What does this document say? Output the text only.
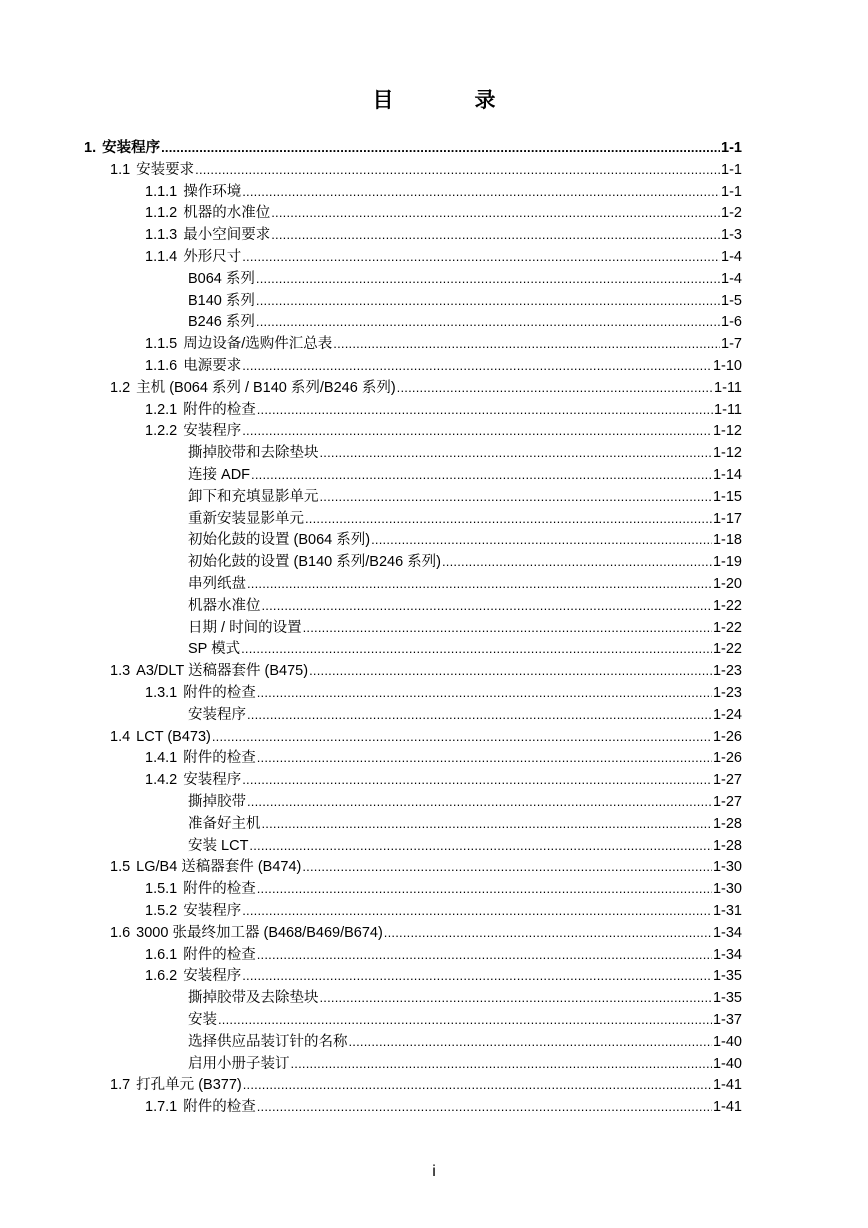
目　录
1. 安装程序 .....	1-1
1.1 安装要求 .....	1-1
1.1.1 操作环境 .....	1-1
1.1.2 机器的水准位 .....	1-2
1.1.3 最小空间要求 .....	1-3
1.1.4 外形尺寸 .....	1-4
B064 系列 .....	1-4
B140 系列 .....	1-5
B246 系列 .....	1-6
1.1.5 周边设备/选购件汇总表 .....	1-7
1.1.6 电源要求 .....	1-10
1.2 主机 (B064 系列 / B140 系列/B246 系列) .....	1-11
1.2.1 附件的检查 .....	1-11
1.2.2 安装程序 .....	1-12
撕掉胶带和去除垫块 .....	1-12
连接 ADF .....	1-14
卸下和充填显影单元 .....	1-15
重新安装显影单元 .....	1-17
初始化鼓的设置 (B064 系列) .....	1-18
初始化鼓的设置 (B140 系列/B246 系列) .....	1-19
串列纸盘 .....	1-20
机器水准位 .....	1-22
日期 / 时间的设置 .....	1-22
SP 模式 .....	1-22
1.3 A3/DLT 送稿器套件 (B475) .....	1-23
1.3.1 附件的检查 .....	1-23
安装程序 .....	1-24
1.4 LCT (B473) .....	1-26
1.4.1 附件的检查 .....	1-26
1.4.2 安装程序 .....	1-27
撕掉胶带 .....	1-27
准备好主机 .....	1-28
安装 LCT .....	1-28
1.5 LG/B4 送稿器套件 (B474) .....	1-30
1.5.1 附件的检查 .....	1-30
1.5.2 安装程序 .....	1-31
1.6 3000 张最终加工器 (B468/B469/B674) .....	1-34
1.6.1 附件的检查 .....	1-34
1.6.2 安装程序 .....	1-35
撕掉胶带及去除垫块 .....	1-35
安装 .....	1-37
选择供应品装订针的名称 .....	1-40
启用小册子装订 .....	1-40
1.7 打孔单元 (B377) .....	1-41
1.7.1 附件的检查 .....	1-41
i
